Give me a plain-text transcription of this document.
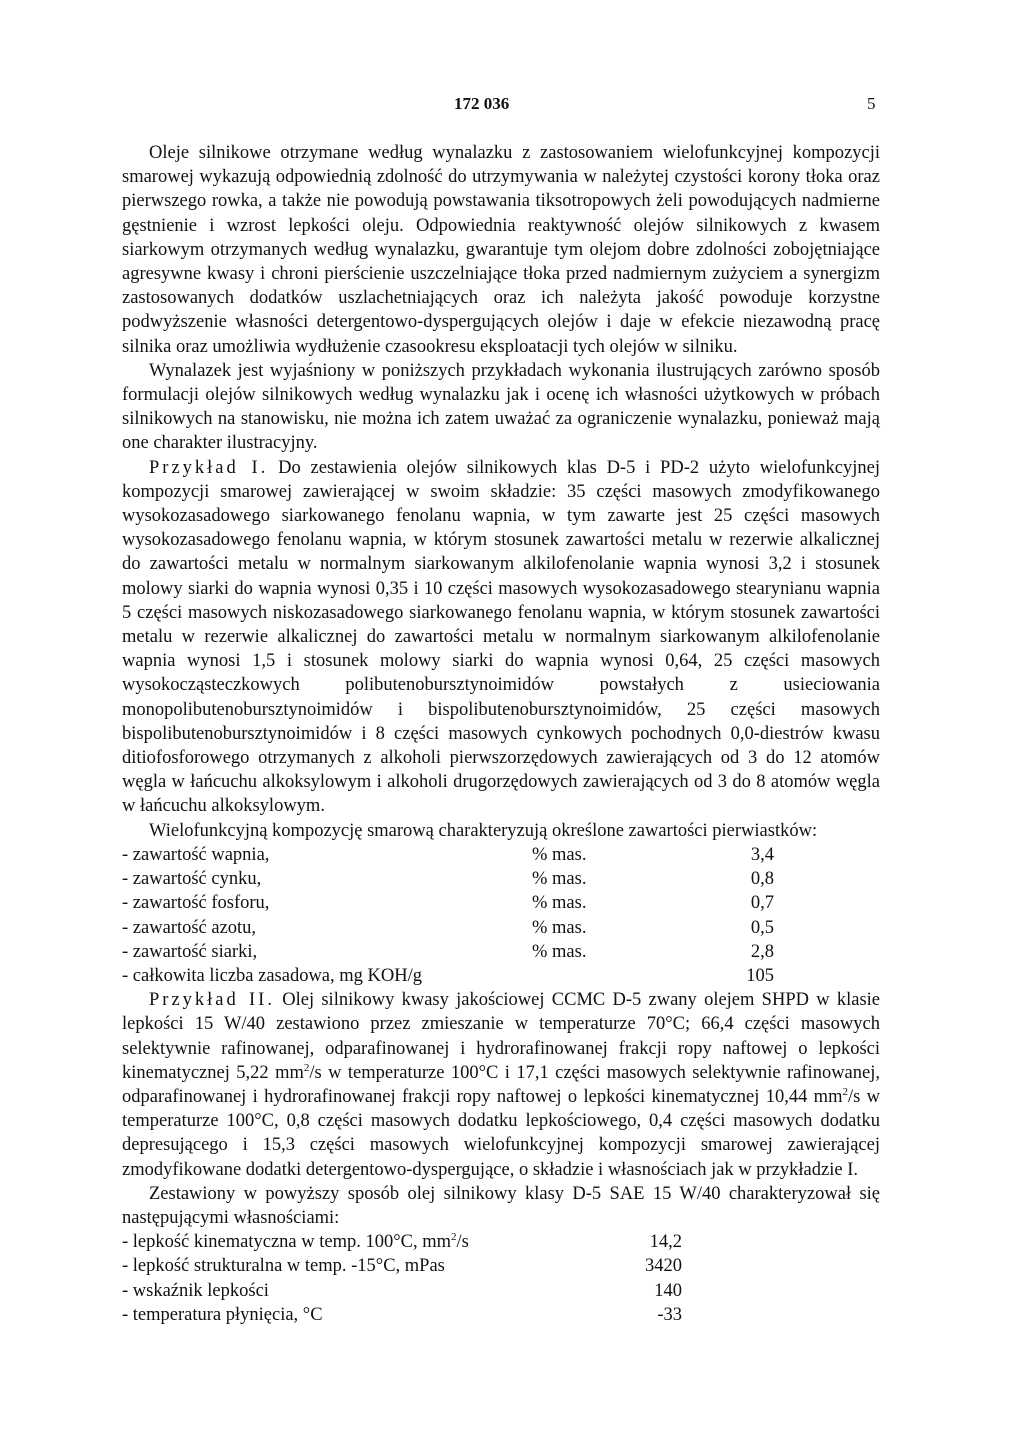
172 036	5

Oleje silnikowe otrzymane według wynalazku z zastosowaniem wielofunkcyjnej kompozycji smarowej wykazują odpowiednią zdolność do utrzymywania w należytej czystości korony tłoka oraz pierwszego rowka, a także nie powodują powstawania tiksotropowych żeli powodujących nadmierne gęstnienie i wzrost lepkości oleju. Odpowiednia reaktywność olejów silnikowych z kwasem siarkowym otrzymanych według wynalazku, gwarantuje tym olejom dobre zdolności zobojętniające agresywne kwasy i chroni pierścienie uszczelniające tłoka przed nadmiernym zużyciem a synergizm zastosowanych dodatków uszlachetniających oraz ich należyta jakość powoduje korzystne podwyższenie własności detergentowo-dyspergujących olejów i daje w efekcie niezawodną pracę silnika oraz umożliwia wydłużenie czasookresu eksploatacji tych olejów w silniku.

Wynalazek jest wyjaśniony w poniższych przykładach wykonania ilustrujących zarówno sposób formulacji olejów silnikowych według wynalazku jak i ocenę ich własności użytkowych w próbach silnikowych na stanowisku, nie można ich zatem uważać za ograniczenie wynalazku, ponieważ mają one charakter ilustracyjny.

Przykład I. Do zestawienia olejów silnikowych klas D-5 i PD-2 użyto wielofunkcyjnej kompozycji smarowej zawierającej w swoim składzie: 35 części masowych zmodyfikowanego wysokozasadowego siarkowanego fenolanu wapnia, w tym zawarte jest 25 części masowych wysokozasadowego fenolanu wapnia, w którym stosunek zawartości metalu w rezerwie alkalicznej do zawartości metalu w normalnym siarkowanym alkilofenolanie wapnia wynosi 3,2 i stosunek molowy siarki do wapnia wynosi 0,35 i 10 części masowych wysokozasadowego stearynianu wapnia 5 części masowych niskozasadowego siarkowanego fenolanu wapnia, w którym stosunek zawartości metalu w rezerwie alkalicznej do zawartości metalu w normalnym siarkowanym alkilofenolanie wapnia wynosi 1,5 i stosunek molowy siarki do wapnia wynosi 0,64, 25 części masowych wysokocząsteczkowych polibutenobursztynoimidów powstałych z usieciowania monopolibutenobursztynoimidów i bispolibutenobursztynoimidów, 25 części masowych bispolibutenobursztynoimidów i 8 części masowych cynkowych pochodnych 0,0-diestrów kwasu ditiofosforowego otrzymanych z alkoholi pierwszorzędowych zawierających od 3 do 12 atomów węgla w łańcuchu alkoksylowym i alkoholi drugorzędowych zawierających od 3 do 8 atomów węgla w łańcuchu alkoksylowym.

Wielofunkcyjną kompozycję smarową charakteryzują określone zawartości pierwiastków:

- zawartość wapnia,	% mas.	3,4
- zawartość cynku,	% mas.	0,8
- zawartość fosforu,	% mas.	0,7
- zawartość azotu,	% mas.	0,5
- zawartość siarki,	% mas.	2,8
- całkowita liczba zasadowa, mg KOH/g		105

Przykład II. Olej silnikowy kwasy jakościowej CCMC D-5 zwany olejem SHPD w klasie lepkości 15 W/40 zestawiono przez zmieszanie w temperaturze 70°C; 66,4 części masowych selektywnie rafinowanej, odparafinowanej i hydrorafinowanej frakcji ropy naftowej o lepkości kinematycznej 5,22 $mm^2/s$ w temperaturze 100°C i 17,1 części masowych selektywnie rafinowanej, odparafinowanej i hydrorafinowanej frakcji ropy naftowej o lepkości kinematycznej 10,44 $mm^2/s$ w temperaturze 100°C, 0,8 części masowych dodatku lepkościowego, 0,4 części masowych dodatku depresującego i 15,3 części masowych wielofunkcyjnej kompozycji smarowej zawierającej zmodyfikowane dodatki detergentowo-dyspergujące, o składzie i własnościach jak w przykładzie I.

Zestawiony w powyższy sposób olej silnikowy klasy D-5 SAE 15 W/40 charakteryzował się następującymi własnościami:

- lepkość kinematyczna w temp. 100°C, $mm^2/s$	14,2
- lepkość strukturalna w temp. -15°C, mPas	3420
- wskaźnik lepkości	140
- temperatura płynięcia, °C	-33
